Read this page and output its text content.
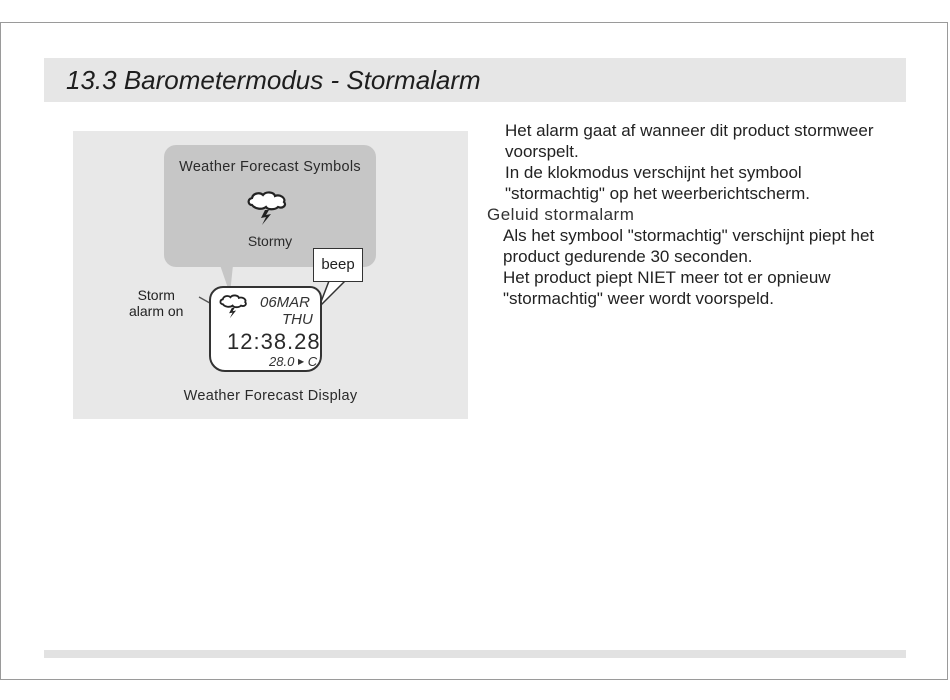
13.3 Barometermodus - Stormalarm
Weather Forecast Symbols
Stormy
06MAR
THU
12:38.28
28.0 ▶ C
beep
Storm
alarm on
Weather Forecast Display

Het alarm gaat af wanneer dit product stormweer voorspelt.

In de klokmodus verschijnt het symbool "stormachtig" op het weerberichtscherm.

Geluid stormalarm

Als het symbool "stormachtig" verschijnt piept het product gedurende 30 seconden.

Het product piept NIET meer tot er opnieuw "stormachtig" weer wordt voorspeld.
